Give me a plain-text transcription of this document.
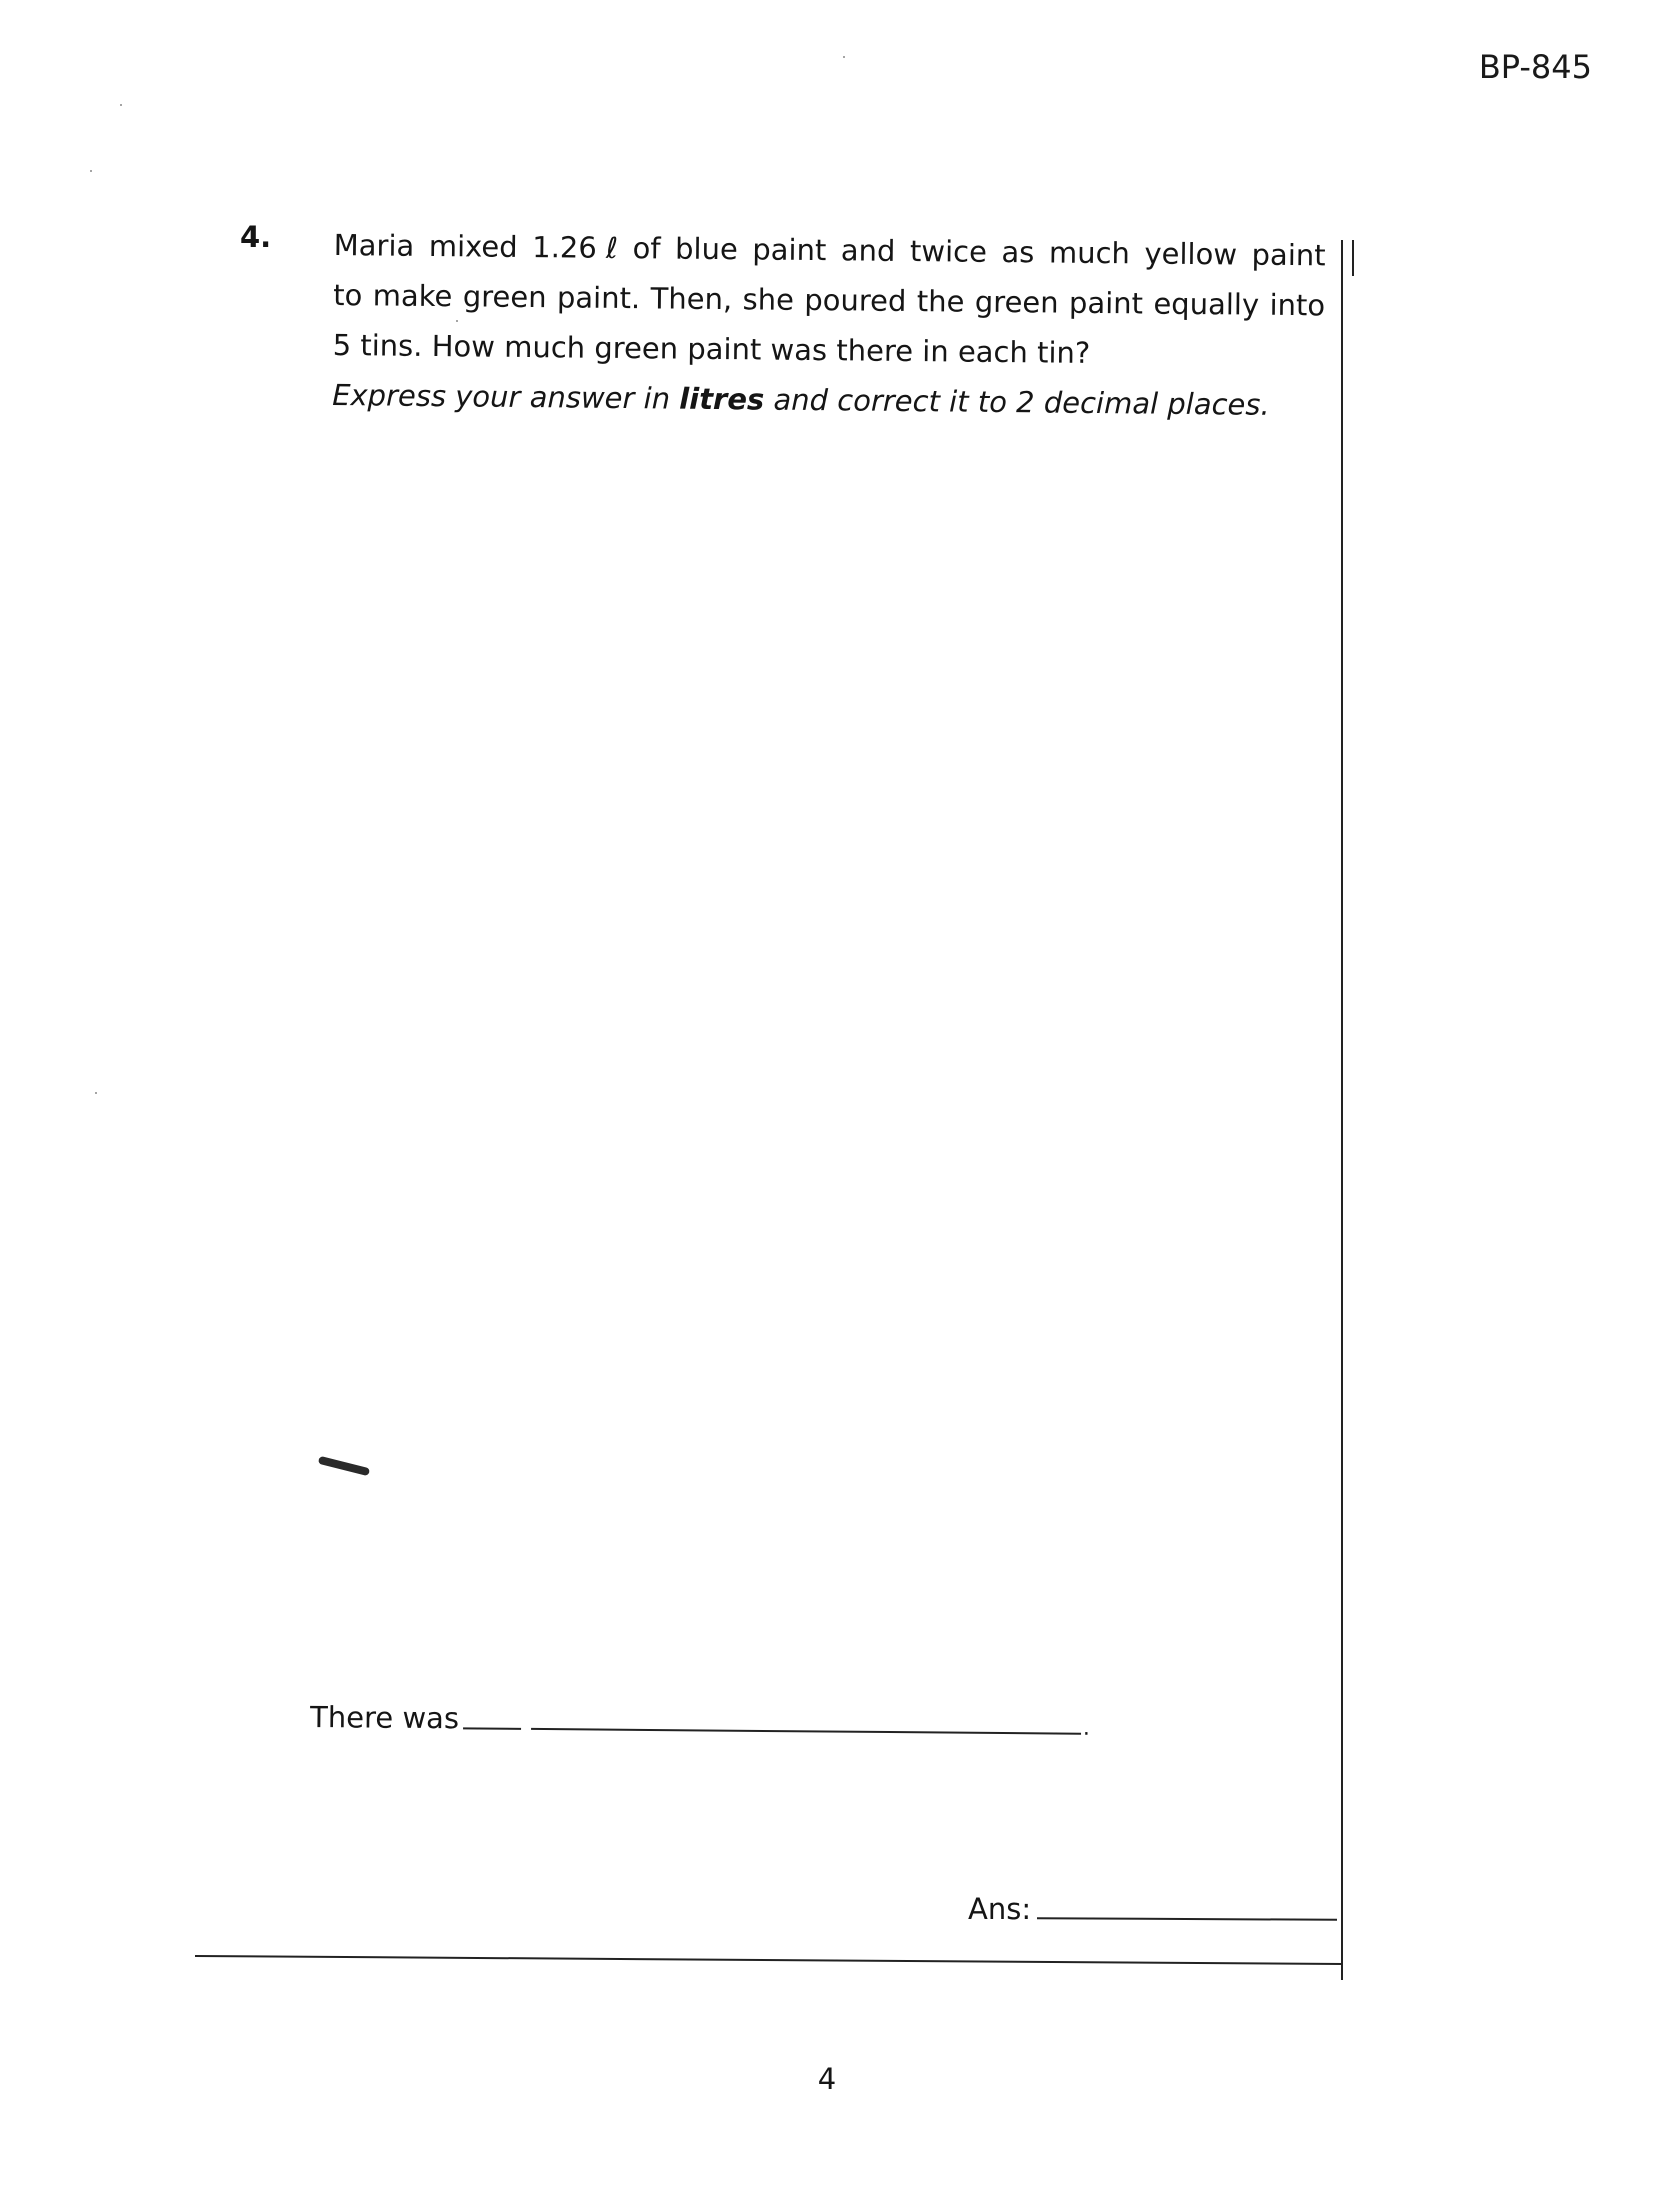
BP-845
4. Maria mixed 1.26 ℓ of blue paint and twice as much yellow paint
to make green paint. Then, she poured the green paint equally into
5 tins. How much green paint was there in each tin?
Express your answer in litres and correct it to 2 decimal places.
There was	.
Ans:
4
